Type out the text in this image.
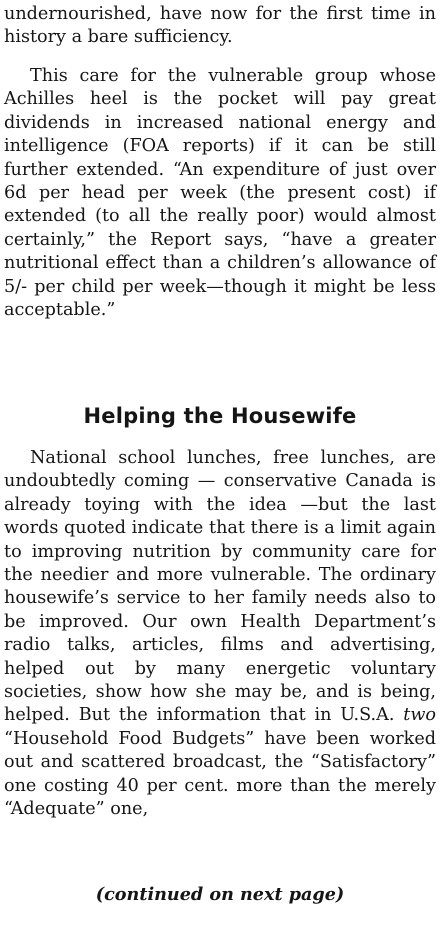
undernourished, have now for the first time in history a bare sufficiency.

This care for the vulnerable group whose Achilles heel is the pocket will pay great dividends in increased national energy and intelligence (FOA reports) if it can be still further extended. “An expenditure of just over 6d per head per week (the present cost) if extended (to all the really poor) would almost certainly,” the Report says, “have a greater nutritional effect than a children’s allowance of 5/- per child per week—though it might be less acceptable.”

Helping the Housewife

National school lunches, free lunches, are undoubtedly coming — conservative Canada is already toying with the idea —but the last words quoted indicate that there is a limit again to improving nutrition by community care for the needier and more vulnerable. The ordinary housewife’s service to her family needs also to be improved. Our own Health Department’s radio talks, articles, films and advertising, helped out by many energetic voluntary societies, show how she may be, and is being, helped. But the information that in U.S.A. two “Household Food Budgets” have been worked out and scattered broadcast, the “Satisfactory” one costing 40 per cent. more than the merely “Adequate” one,

(continued on next page)
